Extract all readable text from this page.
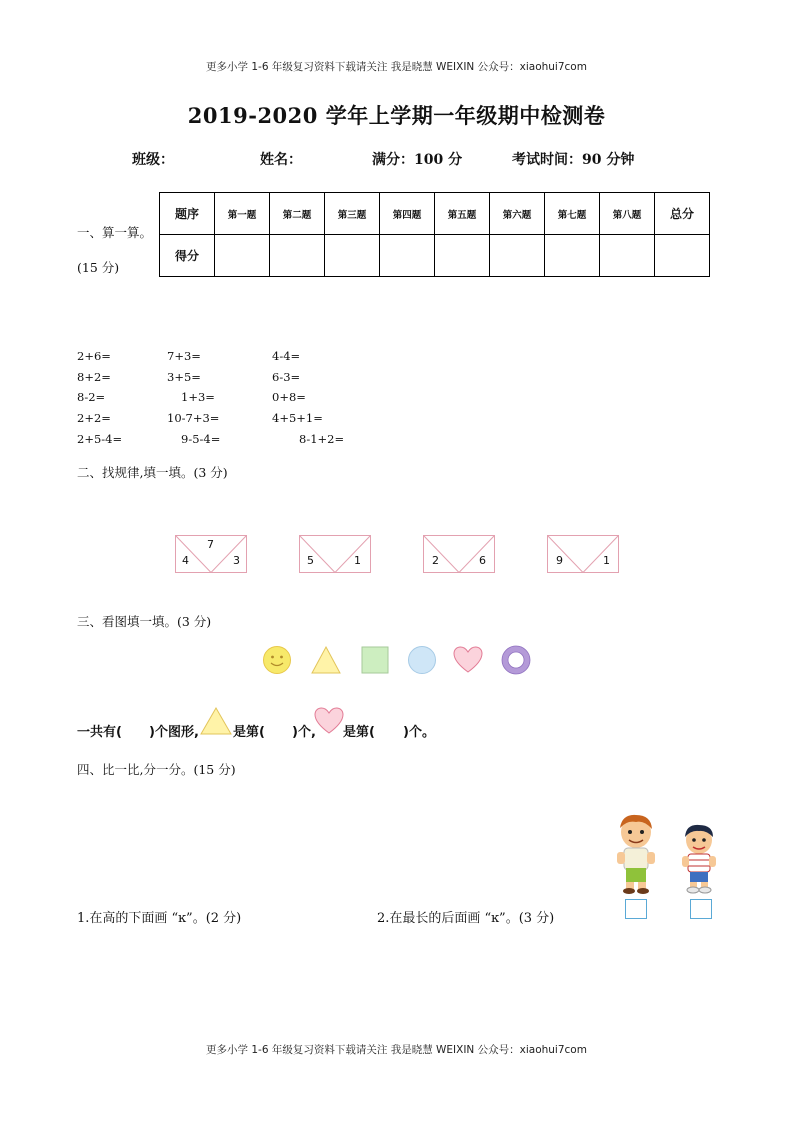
更多小学 1-6 年级复习资料下载请关注 我是晓慧 WEIXIN 公众号：xiaohui7com
2019-2020 学年上学期一年级期中检测卷
班级：	姓名：	满分：100 分	考试时间：90 分钟
题序	第一题	第二题	第三题	第四题	第五题	第六题	第七题	第八题	总分
得分									
一、算一算。
(15 分)
2+6=	7+3=	4-4=
8+2=	3+5=	6-3=
8-2=	1+3=	0+8=
2+2=	10-7+3=	4+5+1=
2+5-4=	9-5-4=	8-1+2=
二、找规律,填一填。(3 分)
7
4	3	5	1	2	6	9	1
三、看图填一填。(3 分)
一共有( )个图形,	是第( )个, 是第( )个。
四、比一比,分一分。(15 分)
1.在高的下面画 “ĸ”。(2 分)	2.在最长的后面画 “ĸ”。(3 分)
更多小学 1-6 年级复习资料下载请关注 我是晓慧 WEIXIN 公众号：xiaohui7com
